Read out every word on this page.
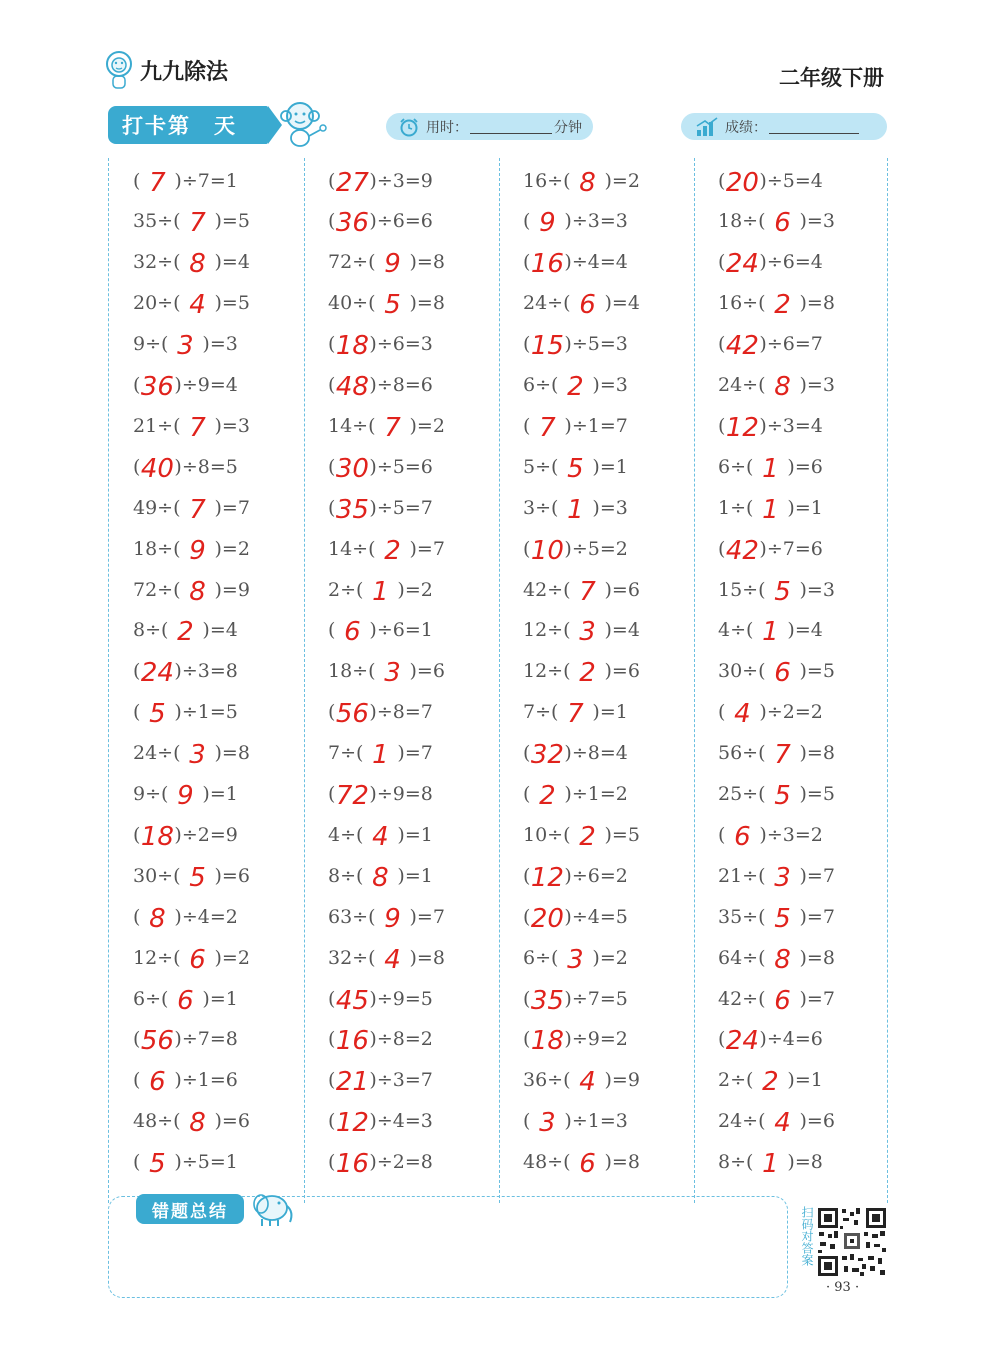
九九除法	二年级下册
打卡第　天	用时：	分钟	成绩：
( 7 )÷7=1
35÷( 7 )=5
32÷( 8 )=4
20÷( 4 )=5
9÷( 3 )=3
( 36 )÷9=4
21÷( 7 )=3
( 40 )÷8=5
49÷( 7 )=7
18÷( 9 )=2
72÷( 8 )=9
8÷( 2 )=4
( 24 )÷3=8
( 5 )÷1=5
24÷( 3 )=8
9÷( 9 )=1
( 18 )÷2=9
30÷( 5 )=6
( 8 )÷4=2
12÷( 6 )=2
6÷( 6 )=1
( 56 )÷7=8
( 6 )÷1=6
48÷( 8 )=6
( 5 )÷5=1
( 27 )÷3=9
( 36 )÷6=6
72÷( 9 )=8
40÷( 5 )=8
( 18 )÷6=3
( 48 )÷8=6
14÷( 7 )=2
( 30 )÷5=6
( 35 )÷5=7
14÷( 2 )=7
2÷( 1 )=2
( 6 )÷6=1
18÷( 3 )=6
( 56 )÷8=7
7÷( 1 )=7
( 72 )÷9=8
4÷( 4 )=1
8÷( 8 )=1
63÷( 9 )=7
32÷( 4 )=8
( 45 )÷9=5
( 16 )÷8=2
( 21 )÷3=7
( 12 )÷4=3
( 16 )÷2=8
16÷( 8 )=2
( 9 )÷3=3
( 16 )÷4=4
24÷( 6 )=4
( 15 )÷5=3
6÷( 2 )=3
( 7 )÷1=7
5÷( 5 )=1
3÷( 1 )=3
( 10 )÷5=2
42÷( 7 )=6
12÷( 3 )=4
12÷( 2 )=6
7÷( 7 )=1
( 32 )÷8=4
( 2 )÷1=2
10÷( 2 )=5
( 12 )÷6=2
( 20 )÷4=5
6÷( 3 )=2
( 35 )÷7=5
( 18 )÷9=2
36÷( 4 )=9
( 3 )÷1=3
48÷( 6 )=8
( 20 )÷5=4
18÷( 6 )=3
( 24 )÷6=4
16÷( 2 )=8
( 42 )÷6=7
24÷( 8 )=3
( 12 )÷3=4
6÷( 1 )=6
1÷( 1 )=1
( 42 )÷7=6
15÷( 5 )=3
4÷( 1 )=4
30÷( 6 )=5
( 4 )÷2=2
56÷( 7 )=8
25÷( 5 )=5
( 6 )÷3=2
21÷( 3 )=7
35÷( 5 )=7
64÷( 8 )=8
42÷( 6 )=7
( 24 )÷4=6
2÷( 2 )=1
24÷( 4 )=6
8÷( 1 )=8
错题总结	扫码对答案
· 93 ·
